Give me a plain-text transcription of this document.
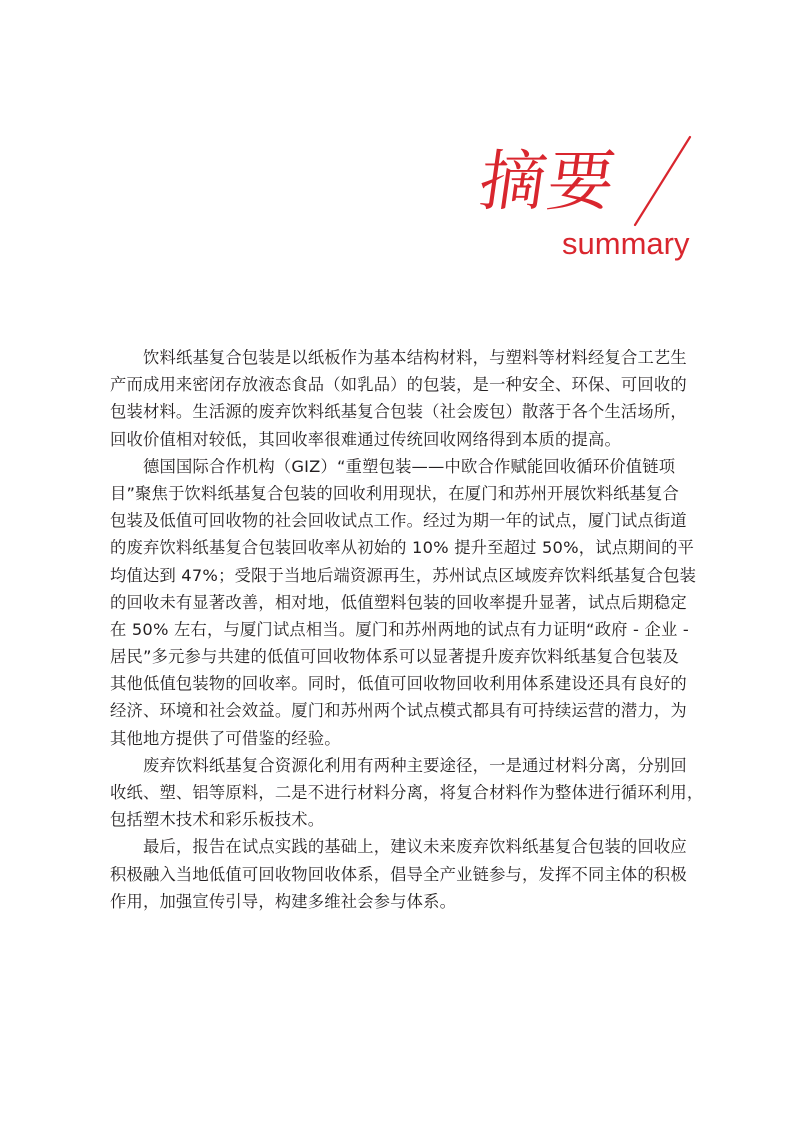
摘要
summary
饮料纸基复合包装是以纸板作为基本结构材料，与塑料等材料经复合工艺生
产而成用来密闭存放液态食品（如乳品）的包装，是一种安全、环保、可回收的
包装材料。生活源的废弃饮料纸基复合包装（社会废包）散落于各个生活场所，
回收价值相对较低，其回收率很难通过传统回收网络得到本质的提高。
德国国际合作机构（GIZ）“重塑包装——中欧合作赋能回收循环价值链项
目”聚焦于饮料纸基复合包装的回收利用现状，在厦门和苏州开展饮料纸基复合
包装及低值可回收物的社会回收试点工作。经过为期一年的试点，厦门试点街道
的废弃饮料纸基复合包装回收率从初始的 10% 提升至超过 50%，试点期间的平
均值达到 47%；受限于当地后端资源再生，苏州试点区域废弃饮料纸基复合包装
的回收未有显著改善，相对地，低值塑料包装的回收率提升显著，试点后期稳定
在 50% 左右，与厦门试点相当。厦门和苏州两地的试点有力证明“政府 - 企业 -
居民”多元参与共建的低值可回收物体系可以显著提升废弃饮料纸基复合包装及
其他低值包装物的回收率。同时，低值可回收物回收利用体系建设还具有良好的
经济、环境和社会效益。厦门和苏州两个试点模式都具有可持续运营的潜力，为
其他地方提供了可借鉴的经验。
废弃饮料纸基复合资源化利用有两种主要途径，一是通过材料分离，分别回
收纸、塑、铝等原料，二是不进行材料分离，将复合材料作为整体进行循环利用，
包括塑木技术和彩乐板技术。
最后，报告在试点实践的基础上，建议未来废弃饮料纸基复合包装的回收应
积极融入当地低值可回收物回收体系，倡导全产业链参与，发挥不同主体的积极
作用，加强宣传引导，构建多维社会参与体系。
